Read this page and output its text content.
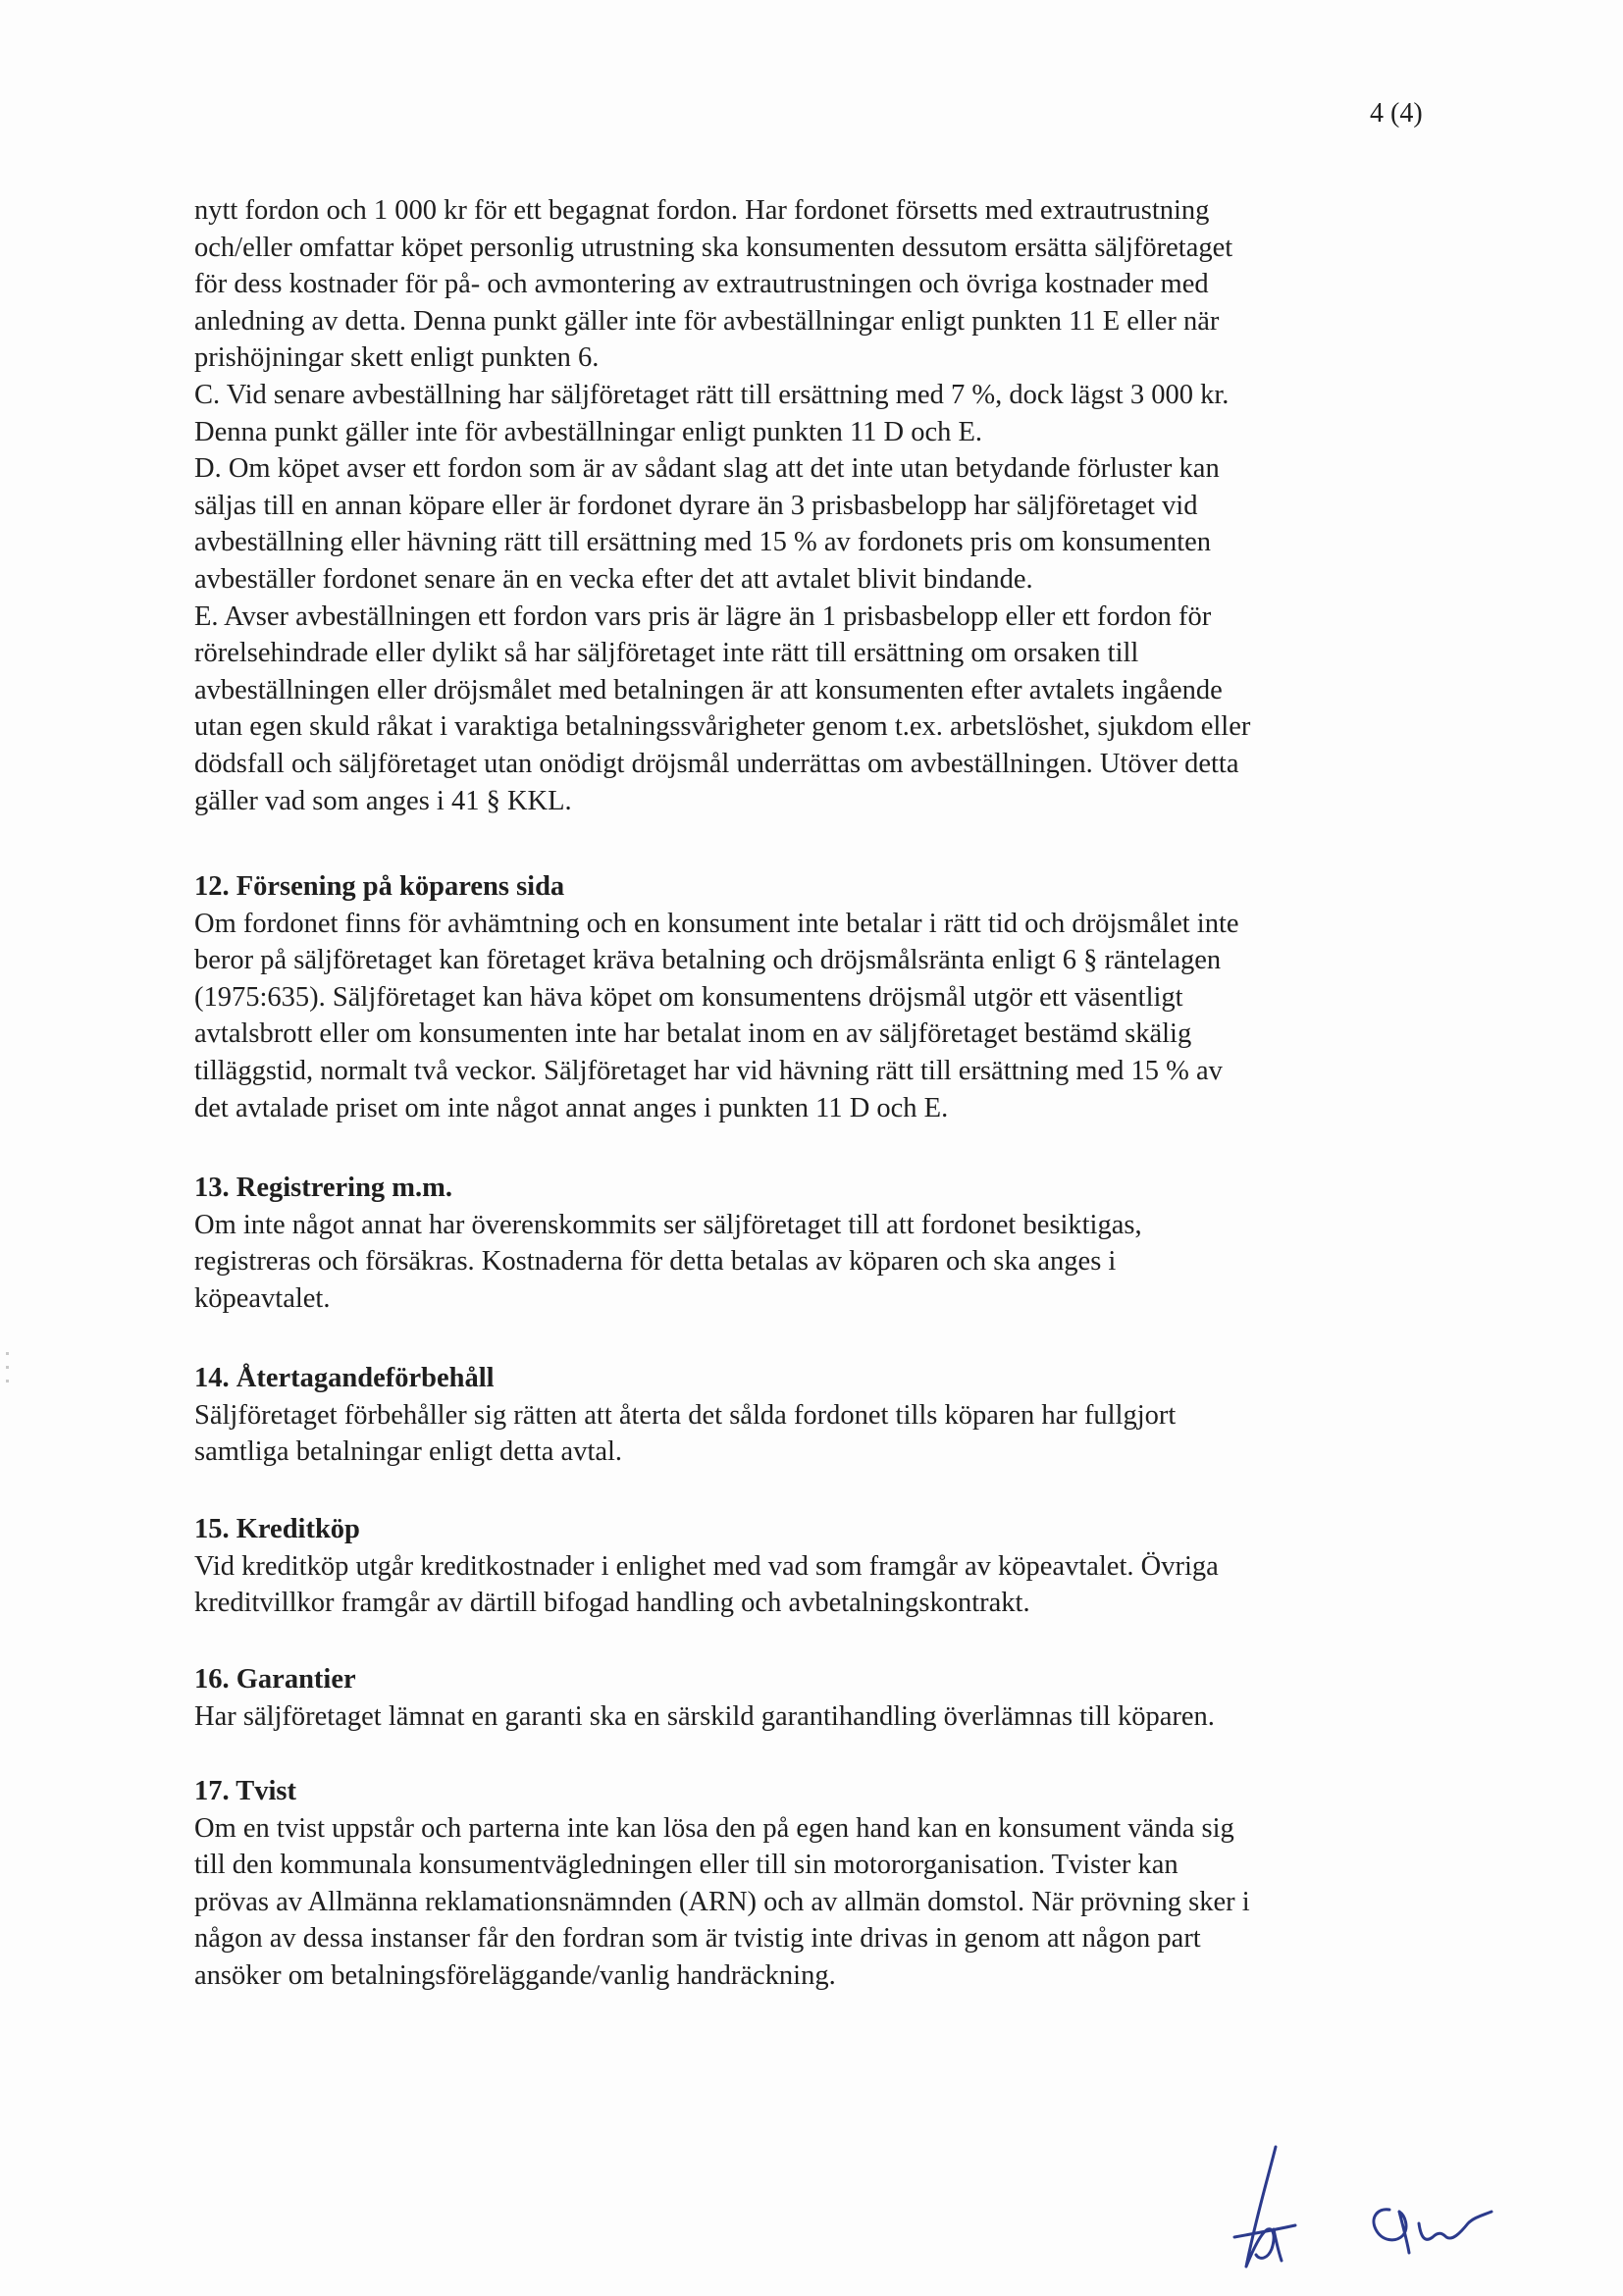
4 (4)
nytt fordon och 1 000 kr för ett begagnat fordon. Har fordonet försetts med extrautrustning
och/eller omfattar köpet personlig utrustning ska konsumenten dessutom ersätta säljföretaget
för dess kostnader för på- och avmontering av extrautrustningen och övriga kostnader med
anledning av detta. Denna punkt gäller inte för avbeställningar enligt punkten 11 E eller när
prishöjningar skett enligt punkten 6.
C. Vid senare avbeställning har säljföretaget rätt till ersättning med 7 %, dock lägst 3 000 kr.
Denna punkt gäller inte för avbeställningar enligt punkten 11 D och E.
D. Om köpet avser ett fordon som är av sådant slag att det inte utan betydande förluster kan
säljas till en annan köpare eller är fordonet dyrare än 3 prisbasbelopp har säljföretaget vid
avbeställning eller hävning rätt till ersättning med 15 % av fordonets pris om konsumenten
avbeställer fordonet senare än en vecka efter det att avtalet blivit bindande.
E. Avser avbeställningen ett fordon vars pris är lägre än 1 prisbasbelopp eller ett fordon för
rörelsehindrade eller dylikt så har säljföretaget inte rätt till ersättning om orsaken till
avbeställningen eller dröjsmålet med betalningen är att konsumenten efter avtalets ingående
utan egen skuld råkat i varaktiga betalningssvårigheter genom t.ex. arbetslöshet, sjukdom eller
dödsfall och säljföretaget utan onödigt dröjsmål underrättas om avbeställningen. Utöver detta
gäller vad som anges i 41 § KKL.
12. Försening på köparens sida
Om fordonet finns för avhämtning och en konsument inte betalar i rätt tid och dröjsmålet inte
beror på säljföretaget kan företaget kräva betalning och dröjsmålsränta enligt 6 § räntelagen
(1975:635). Säljföretaget kan häva köpet om konsumentens dröjsmål utgör ett väsentligt
avtalsbrott eller om konsumenten inte har betalat inom en av säljföretaget bestämd skälig
tilläggstid, normalt två veckor. Säljföretaget har vid hävning rätt till ersättning med 15 % av
det avtalade priset om inte något annat anges i punkten 11 D och E.
13. Registrering m.m.
Om inte något annat har överenskommits ser säljföretaget till att fordonet besiktigas,
registreras och försäkras. Kostnaderna för detta betalas av köparen och ska anges i
köpeavtalet.
14. Återtagandeförbehåll
Säljföretaget förbehåller sig rätten att återta det sålda fordonet tills köparen har fullgjort
samtliga betalningar enligt detta avtal.
15. Kreditköp
Vid kreditköp utgår kreditkostnader i enlighet med vad som framgår av köpeavtalet. Övriga
kreditvillkor framgår av därtill bifogad handling och avbetalningskontrakt.
16. Garantier
Har säljföretaget lämnat en garanti ska en särskild garantihandling överlämnas till köparen.
17. Tvist
Om en tvist uppstår och parterna inte kan lösa den på egen hand kan en konsument vända sig
till den kommunala konsumentvägledningen eller till sin motororganisation. Tvister kan
prövas av Allmänna reklamationsnämnden (ARN) och av allmän domstol. När prövning sker i
någon av dessa instanser får den fordran som är tvistig inte drivas in genom att någon part
ansöker om betalningsföreläggande/vanlig handräckning.
